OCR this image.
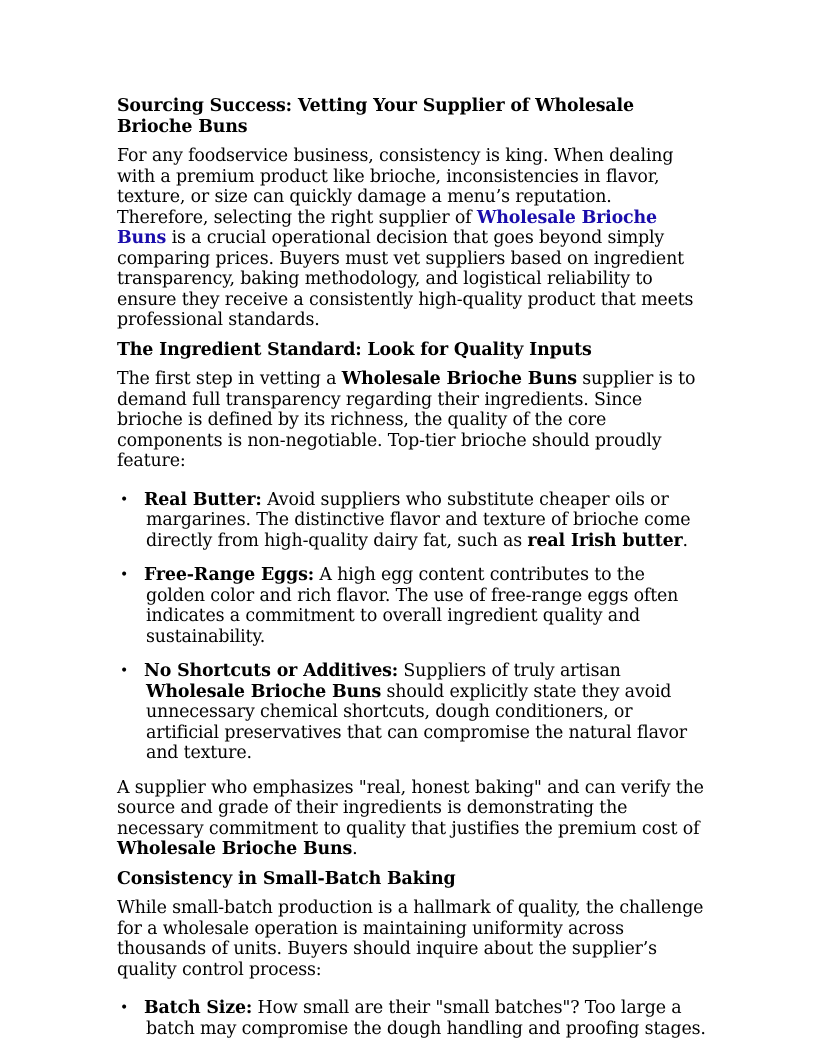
Sourcing Success: Vetting Your Supplier of Wholesale Brioche Buns

For any foodservice business, consistency is king. When dealing with a premium product like brioche, inconsistencies in flavor, texture, or size can quickly damage a menu’s reputation. Therefore, selecting the right supplier of Wholesale Brioche Buns is a crucial operational decision that goes beyond simply comparing prices. Buyers must vet suppliers based on ingredient transparency, baking methodology, and logistical reliability to ensure they receive a consistently high-quality product that meets professional standards.

The Ingredient Standard: Look for Quality Inputs

The first step in vetting a Wholesale Brioche Buns supplier is to demand full transparency regarding their ingredients. Since brioche is defined by its richness, the quality of the core components is non-negotiable. Top-tier brioche should proudly feature:

• Real Butter: Avoid suppliers who substitute cheaper oils or margarines. The distinctive flavor and texture of brioche come directly from high-quality dairy fat, such as real Irish butter.
• Free-Range Eggs: A high egg content contributes to the golden color and rich flavor. The use of free-range eggs often indicates a commitment to overall ingredient quality and sustainability.
• No Shortcuts or Additives: Suppliers of truly artisan Wholesale Brioche Buns should explicitly state they avoid unnecessary chemical shortcuts, dough conditioners, or artificial preservatives that can compromise the natural flavor and texture.

A supplier who emphasizes "real, honest baking" and can verify the source and grade of their ingredients is demonstrating the necessary commitment to quality that justifies the premium cost of Wholesale Brioche Buns.

Consistency in Small-Batch Baking

While small-batch production is a hallmark of quality, the challenge for a wholesale operation is maintaining uniformity across thousands of units. Buyers should inquire about the supplier’s quality control process:

• Batch Size: How small are their "small batches"? Too large a batch may compromise the dough handling and proofing stages.
